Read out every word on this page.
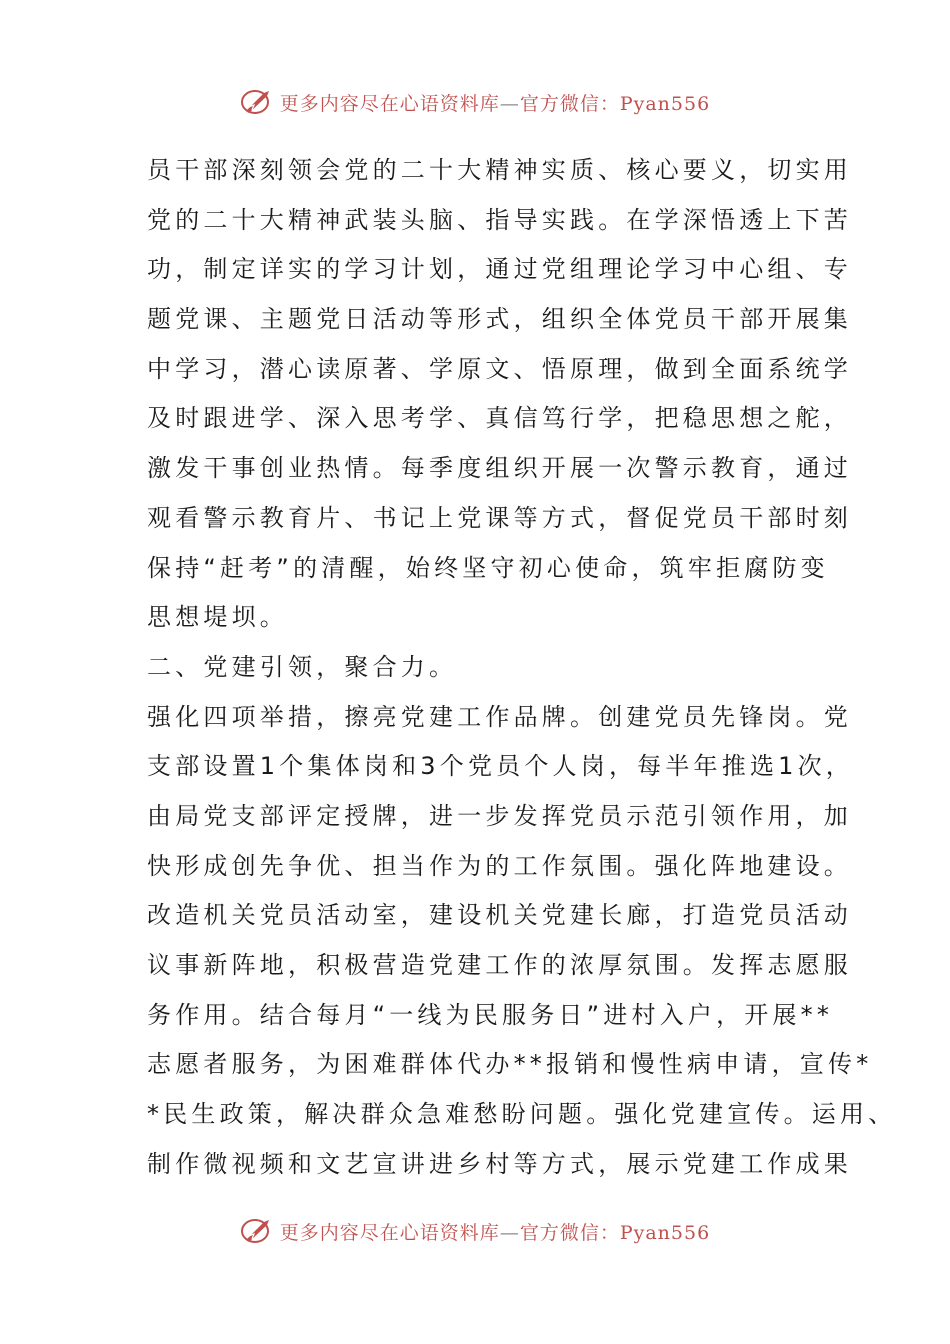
更多内容尽在心语资料库—官方微信：Pyan556
员干部深刻领会党的二十大精神实质、核心要义，切实用
党的二十大精神武装头脑、指导实践。在学深悟透上下苦
功，制定详实的学习计划，通过党组理论学习中心组、专
题党课、主题党日活动等形式，组织全体党员干部开展集
中学习，潜心读原著、学原文、悟原理，做到全面系统学
及时跟进学、深入思考学、真信笃行学，把稳思想之舵，
激发干事创业热情。每季度组织开展一次警示教育，通过
观看警示教育片、书记上党课等方式，督促党员干部时刻
保持“赶考”的清醒，始终坚守初心使命，筑牢拒腐防变
思想堤坝。
二、党建引领，聚合力。
强化四项举措，擦亮党建工作品牌。创建党员先锋岗。党
支部设置1个集体岗和3个党员个人岗，每半年推选1次，
由局党支部评定授牌，进一步发挥党员示范引领作用，加
快形成创先争优、担当作为的工作氛围。强化阵地建设。
改造机关党员活动室，建设机关党建长廊，打造党员活动
议事新阵地，积极营造党建工作的浓厚氛围。发挥志愿服
务作用。结合每月“一线为民服务日”进村入户，开展**
志愿者服务，为困难群体代办**报销和慢性病申请，宣传*
*民生政策，解决群众急难愁盼问题。强化党建宣传。运用、
制作微视频和文艺宣讲进乡村等方式，展示党建工作成果
更多内容尽在心语资料库—官方微信：Pyan556
